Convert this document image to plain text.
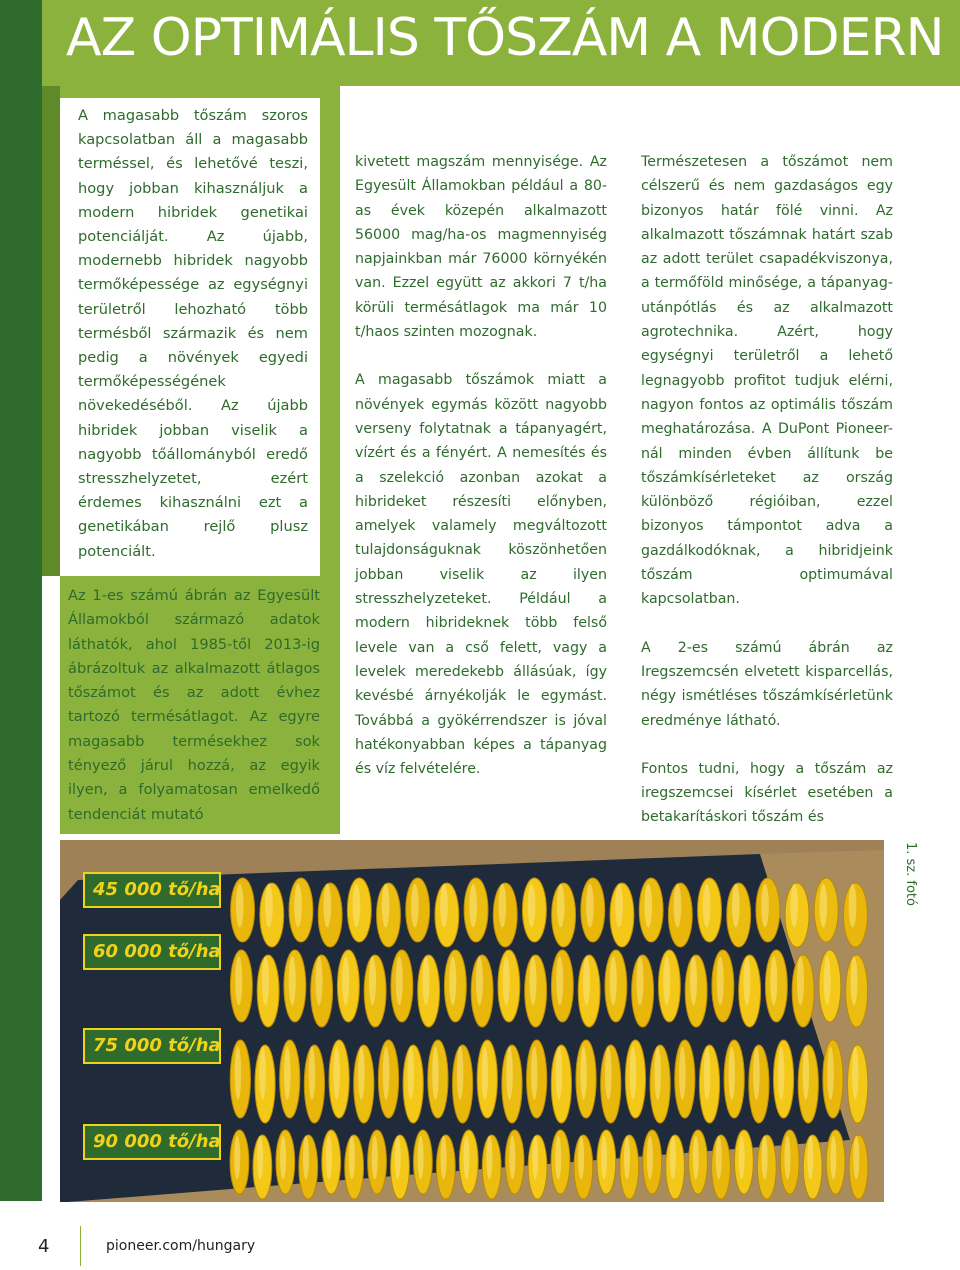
AZ OPTIMÁLIS TŐSZÁM A MODERN

A magasabb tőszám szoros kapcsolatban áll a magasabb terméssel, és lehetővé teszi, hogy jobban kihasználjuk a modern hibridek genetikai potenciálját. Az újabb, modernebb hibridek nagyobb termőképessége az egységnyi területről lehozható több termésből származik és nem pedig a növények egyedi termőképességének növekedéséből. Az újabb hibridek jobban viselik a nagyobb tőállományból eredő stresszhelyzetet, ezért érdemes kihasználni ezt a genetikában rejlő plusz potenciált.

Az 1-es számú ábrán az Egyesült Államokból származó adatok láthatók, ahol 1985-től 2013-ig ábrázoltuk az alkalmazott átlagos tőszámot és az adott évhez tartozó termésátlagot. Az egyre magasabb termésekhez sok tényező járul hozzá, az egyik ilyen, a folyamatosan emelkedő tendenciát mutató

kivetett magszám mennyisége. Az Egyesült Államokban például a 80-as évek közepén alkalmazott 56000 mag/ha-os magmennyiség napjainkban már 76000 környékén van. Ezzel együtt az akkori 7 t/ha körüli termésátlagok ma már 10 t/haos szinten mozognak.

A magasabb tőszámok miatt a növények egymás között nagyobb verseny folytatnak a tápanyagért, vízért és a fényért. A nemesítés és a szelekció azonban azokat a hibrideket részesíti előnyben, amelyek valamely megváltozott tulajdonságuknak köszönhetően jobban viselik az ilyen stresszhelyzeteket. Például a modern hibrideknek több felső levele van a cső felett, vagy a levelek meredekebb állásúak, így kevésbé árnyékolják le egymást. Továbbá a gyökérrendszer is jóval hatékonyabban képes a tápanyag és víz felvételére.

Természetesen a tőszámot nem célszerű és nem gazdaságos egy bizonyos határ fölé vinni. Az alkalmazott tőszámnak határt szab az adott terület csapadékviszonya, a termőföld minősége, a tápanyag-utánpótlás és az alkalmazott agrotechnika. Azért, hogy egységnyi területről a lehető legnagyobb profitot tudjuk elérni, nagyon fontos az optimális tőszám meghatározása. A DuPont Pioneer-nál minden évben állítunk be tőszámkísérleteket az ország különböző régióiban, ezzel bizonyos támpontot adva a gazdálkodóknak, a hibridjeink tőszám optimumával kapcsolatban.

A 2-es számú ábrán az Iregszemcsén elvetett kisparcellás, négy ismétléses tőszámkísérletünk eredménye látható.

Fontos tudni, hogy a tőszám az iregszemcsei kísérlet esetében a betakarításkori tőszám és

1. sz. fotó
45 000 tő/ha
60 000 tő/ha
75 000 tő/ha
90 000 tő/ha
4	pioneer.com/hungary
